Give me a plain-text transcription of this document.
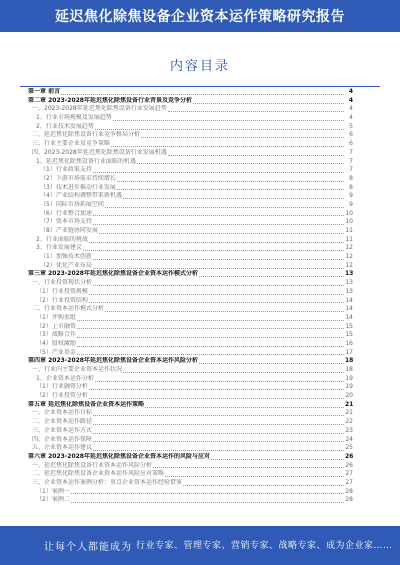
延迟焦化除焦设备企业资本运作策略研究报告
内容目录
第一章 前言	4
第二章 2023-2028年延迟焦化除焦设备行业背景及竞争分析	4
一、2023-2028年延迟焦化除焦设备行业发展趋势	4
1、行业市场规模及发展趋势	4
2、行业技术发展趋势	5
二、延迟焦化除焦设备行业竞争格局分析	6
三、行业主要企业及竞争策略	6
四、2023-2028年延迟焦化除焦设备行业发展机遇	7
1、延迟焦化除焦设备行业面临的机遇	7
（1）行业政策支持	7
（2）下游市场需求持续增长	8
（3）技术进步推动行业发展	8
（4）产业结构调整带来新机遇	9
（5）国际市场拓展空间	9
（6）行业整合加速	10
（7）资本市场支持	10
（8）产业链协同发展	11
2、行业面临的挑战	11
3、行业发展建议	12
（1）加强技术创新	12
（2）优化产业布局	12
第三章 2023-2028年延迟焦化除焦设备企业资本运作模式分析	13
一、行业投资现状分析	13
（1）行业投资规模	13
（2）行业投资结构	14
二、行业资本运作模式分析	14
（1）并购重组	14
（2）上市融资	15
（3）战略合作	15
（4）股权激励	16
（5）产业基金	17
第四章 2023-2028年延迟焦化除焦设备企业资本运作风险分析	18
一、行业内主要企业资本运作状况	18
1、企业资本运作分析	19
（1）行业融资分析	19
（2）行业投资分析	20
第五章 延迟焦化除焦设备企业资本运作策略	21
一、企业资本运作目标	21
二、企业资本运作路径	22
三、企业资本运作方式	23
四、企业资本运作保障	24
五、企业资本运作建议	25
第六章 2023-2028年延迟焦化除焦设备企业资本运作的风险与应对	26
一、延迟焦化除焦设备行业资本运作风险分析	26
二、延迟焦化除焦设备企业资本运作风险应对策略	27
三、企业资本运作案例分析：重点企业资本运作经验借鉴	27
（1）案例一	28
（2）案例二	28
让每个人都能成为 行业专家、管理专家、营销专家、战略专家、成为企业家……
